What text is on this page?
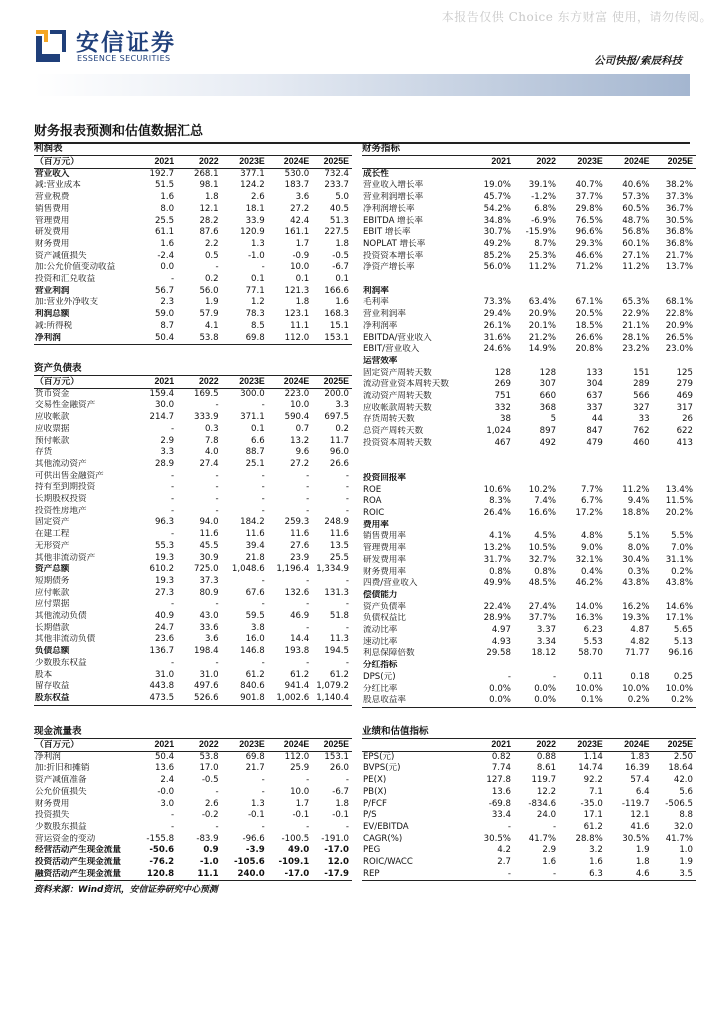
本报告仅供 Choice 东方财富 使用，请勿传阅。
安信证券
ESSENCE SECURITIES	公司快报/索辰科技
财务报表预测和估值数据汇总
利润表
（百万元）	2021	2022	2023E	2024E	2025E
营业收入	192.7	268.1	377.1	530.0	732.4
减:营业成本	51.5	98.1	124.2	183.7	233.7
营业税费	1.6	1.8	2.6	3.6	5.0
销售费用	8.0	12.1	18.1	27.2	40.5
管理费用	25.5	28.2	33.9	42.4	51.3
研发费用	61.1	87.6	120.9	161.1	227.5
财务费用	1.6	2.2	1.3	1.7	1.8
资产减值损失	-2.4	0.5	-1.0	-0.9	-0.5
加:公允价值变动收益	0.0	-	-	10.0	-6.7
投资和汇兑收益	-	0.2	0.1	0.1	0.1
营业利润	56.7	56.0	77.1	121.3	166.6
加:营业外净收支	2.3	1.9	1.2	1.8	1.6
利润总额	59.0	57.9	78.3	123.1	168.3
减:所得税	8.7	4.1	8.5	11.1	15.1
净利润	50.4	53.8	69.8	112.0	153.1
财务指标
	2021	2022	2023E	2024E	2025E
成长性					
营业收入增长率	19.0%	39.1%	40.7%	40.6%	38.2%
营业利润增长率	45.7%	-1.2%	37.7%	57.3%	37.3%
净利润增长率	54.2%	6.8%	29.8%	60.5%	36.7%
EBITDA 增长率	34.8%	-6.9%	76.5%	48.7%	30.5%
EBIT 增长率	30.7%	-15.9%	96.6%	56.8%	36.8%
NOPLAT 增长率	49.2%	8.7%	29.3%	60.1%	36.8%
投资资本增长率	85.2%	25.3%	46.6%	27.1%	21.7%
净资产增长率	56.0%	11.2%	71.2%	11.2%	13.7%

利润率					
毛利率	73.3%	63.4%	67.1%	65.3%	68.1%
营业利润率	29.4%	20.9%	20.5%	22.9%	22.8%
净利润率	26.1%	20.1%	18.5%	21.1%	20.9%
EBITDA/营业收入	31.6%	21.2%	26.6%	28.1%	26.5%
EBIT/营业收入	24.6%	14.9%	20.8%	23.2%	23.0%
运营效率					
固定资产周转天数	128	128	133	151	125
流动营业资本周转天数	269	307	304	289	279
流动资产周转天数	751	660	637	566	469
应收帐款周转天数	332	368	337	327	317
存货周转天数	38	5	44	33	26
总资产周转天数	1,024	897	847	762	622
投资资本周转天数	467	492	479	460	413

投资回报率					
ROE	10.6%	10.2%	7.7%	11.2%	13.4%
ROA	8.3%	7.4%	6.7%	9.4%	11.5%
ROIC	26.4%	16.6%	17.2%	18.8%	20.2%
费用率					
销售费用率	4.1%	4.5%	4.8%	5.1%	5.5%
管理费用率	13.2%	10.5%	9.0%	8.0%	7.0%
研发费用率	31.7%	32.7%	32.1%	30.4%	31.1%
财务费用率	0.8%	0.8%	0.4%	0.3%	0.2%
四费/营业收入	49.9%	48.5%	46.2%	43.8%	43.8%
偿债能力					
资产负债率	22.4%	27.4%	14.0%	16.2%	14.6%
负债权益比	28.9%	37.7%	16.3%	19.3%	17.1%
流动比率	4.97	3.37	6.23	4.87	5.65
速动比率	4.93	3.34	5.53	4.82	5.13
利息保障倍数	29.58	18.12	58.70	71.77	96.16
分红指标					
DPS(元)	-	-	0.11	0.18	0.25
分红比率	0.0%	0.0%	10.0%	10.0%	10.0%
股息收益率	0.0%	0.0%	0.1%	0.2%	0.2%
资产负债表
（百万元）	2021	2022	2023E	2024E	2025E
货币资金	159.4	169.5	300.0	223.0	200.0
交易性金融资产	30.0	-	-	10.0	3.3
应收帐款	214.7	333.9	371.1	590.4	697.5
应收票据	-	0.3	0.1	0.7	0.2
预付帐款	2.9	7.8	6.6	13.2	11.7
存货	3.3	4.0	88.7	9.6	96.0
其他流动资产	28.9	27.4	25.1	27.2	26.6
可供出售金融资产	-	-	-	-	-
持有至到期投资	-	-	-	-	-
长期股权投资	-	-	-	-	-
投资性房地产	-	-	-	-	-
固定资产	96.3	94.0	184.2	259.3	248.9
在建工程	-	11.6	11.6	11.6	11.6
无形资产	55.3	45.5	39.4	27.6	13.5
其他非流动资产	19.3	30.9	21.8	23.9	25.5
资产总额	610.2	725.0	1,048.6	1,196.4	1,334.9
短期债务	19.3	37.3	-	-	-
应付帐款	27.3	80.9	67.6	132.6	131.3
应付票据	-	-	-	-	-
其他流动负债	40.9	43.0	59.5	46.9	51.8
长期借款	24.7	33.6	3.8	-	-
其他非流动负债	23.6	3.6	16.0	14.4	11.3
负债总额	136.7	198.4	146.8	193.8	194.5
少数股东权益	-	-	-	-	-
股本	31.0	31.0	61.2	61.2	61.2
留存收益	443.8	497.6	840.6	941.4	1,079.2
股东权益	473.5	526.6	901.8	1,002.6	1,140.4
现金流量表
（百万元）	2021	2022	2023E	2024E	2025E
净利润	50.4	53.8	69.8	112.0	153.1
加:折旧和摊销	13.6	17.0	21.7	25.9	26.0
资产减值准备	2.4	-0.5	-	-	-
公允价值损失	-0.0	-	-	10.0	-6.7
财务费用	3.0	2.6	1.3	1.7	1.8
投资损失	-	-0.2	-0.1	-0.1	-0.1
少数股东损益	-	-	-	-	-
营运资金的变动	-155.8	-83.9	-96.6	-100.5	-191.0
经营活动产生现金流量	-50.6	0.9	-3.9	49.0	-17.0
投资活动产生现金流量	-76.2	-1.0	-105.6	-109.1	12.0
融资活动产生现金流量	120.8	11.1	240.0	-17.0	-17.9
业绩和估值指标
	2021	2022	2023E	2024E	2025E
EPS(元)	0.82	0.88	1.14	1.83	2.50
BVPS(元)	7.74	8.61	14.74	16.39	18.64
PE(X)	127.8	119.7	92.2	57.4	42.0
PB(X)	13.6	12.2	7.1	6.4	5.6
P/FCF	-69.8	-834.6	-35.0	-119.7	-506.5
P/S	33.4	24.0	17.1	12.1	8.8
EV/EBITDA	-	-	61.2	41.6	32.0
CAGR(%)	30.5%	41.7%	28.8%	30.5%	41.7%
PEG	4.2	2.9	3.2	1.9	1.0
ROIC/WACC	2.7	1.6	1.6	1.8	1.9
REP	-	-	6.3	4.6	3.5
资料来源：Wind资讯，安信证券研究中心预测
